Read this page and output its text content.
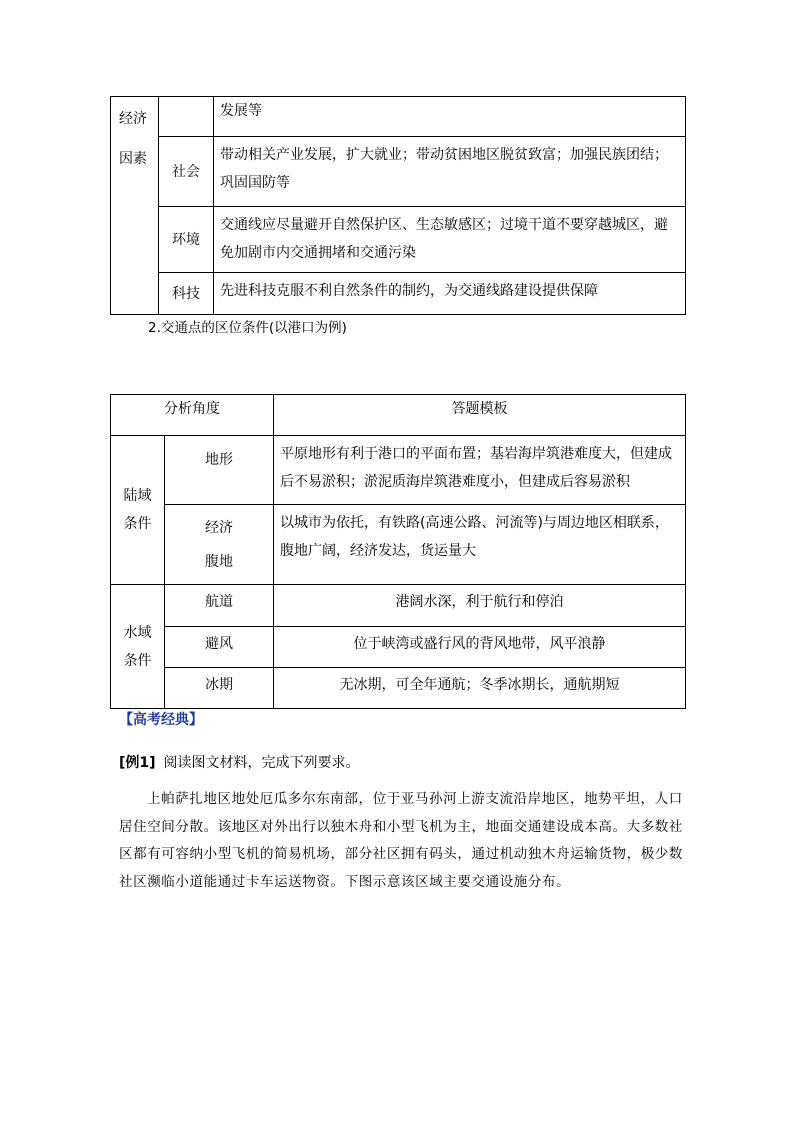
经济
因素		发展等

	社会	带动相关产业发展，扩大就业；带动贫困地区脱贫致富；加强民族团结；巩固国防等

	环境	交通线应尽量避开自然保护区、生态敏感区；过境干道不要穿越城区，避免加剧市内交通拥堵和交通污染

	科技	先进科技克服不利自然条件的制约，为交通线路建设提供保障
2.交通点的区位条件(以港口为例)
分析角度		答题模板

陆域
条件	地形	平原地形有利于港口的平面布置；基岩海岸筑港难度大，但建成后不易淤积；淤泥质海岸筑港难度小，但建成后容易淤积

	经济
腹地	以城市为依托，有铁路(高速公路、河流等)与周边地区相联系，腹地广阔，经济发达，货运量大

水域
条件	航道	港阔水深，利于航行和停泊

	避风	位于峡湾或盛行风的背风地带，风平浪静

	冰期	无冰期，可全年通航；冬季冰期长，通航期短
【高考经典】
[例1] 阅读图文材料，完成下列要求。
上帕萨扎地区地处厄瓜多尔东南部，位于亚马孙河上游支流沿岸地区，地势平坦，人口居住空间分散。该地区对外出行以独木舟和小型飞机为主，地面交通建设成本高。大多数社区都有可容纳小型飞机的简易机场，部分社区拥有码头，通过机动独木舟运输货物，极少数社区濒临小道能通过卡车运送物资。下图示意该区域主要交通设施分布。
